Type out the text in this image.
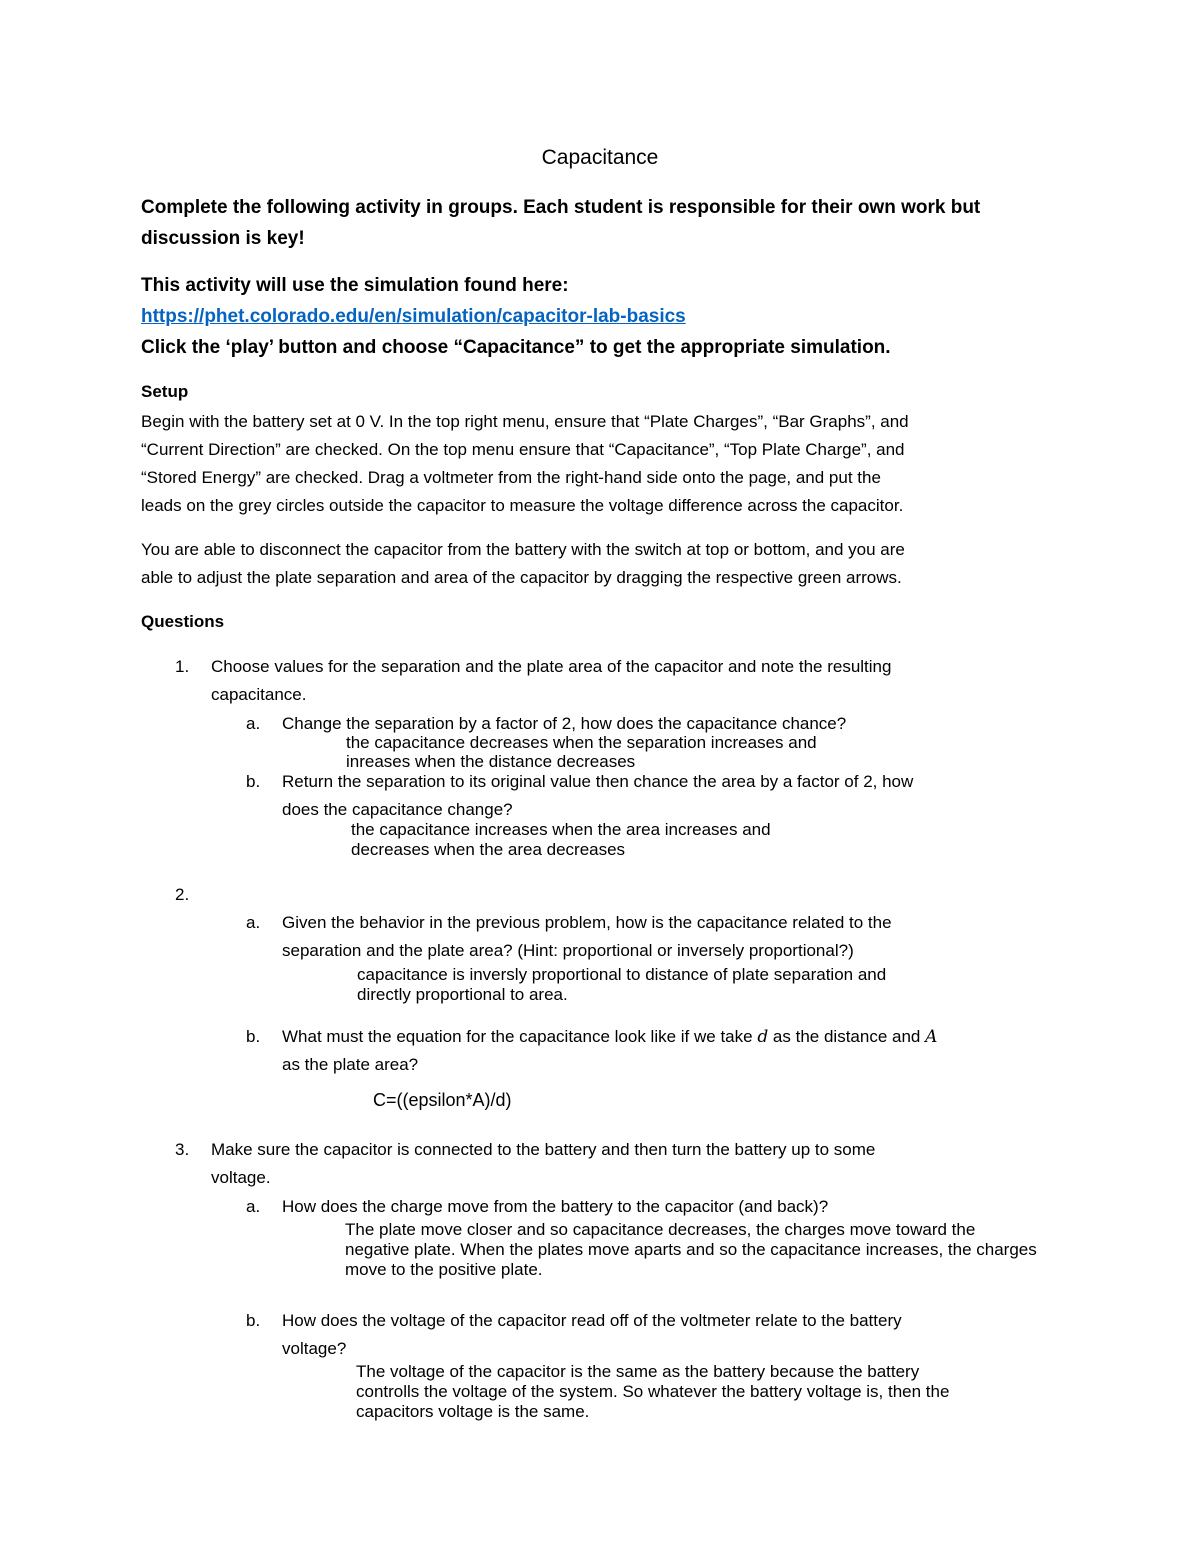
Capacitance
Complete the following activity in groups. Each student is responsible for their own work but
discussion is key!
This activity will use the simulation found here:
https://phet.colorado.edu/en/simulation/capacitor-lab-basics
Click the ‘play’ button and choose “Capacitance” to get the appropriate simulation.
Setup
Begin with the battery set at 0 V. In the top right menu, ensure that “Plate Charges”, “Bar Graphs”, and
“Current Direction” are checked. On the top menu ensure that “Capacitance”, “Top Plate Charge”, and
“Stored Energy” are checked. Drag a voltmeter from the right-hand side onto the page, and put the
leads on the grey circles outside the capacitor to measure the voltage difference across the capacitor.
You are able to disconnect the capacitor from the battery with the switch at top or bottom, and you are
able to adjust the plate separation and area of the capacitor by dragging the respective green arrows.
Questions
1. Choose values for the separation and the plate area of the capacitor and note the resulting
capacitance.
a. Change the separation by a factor of 2, how does the capacitance chance?
the capacitance decreases when the separation increases and
inreases when the distance decreases
b. Return the separation to its original value then chance the area by a factor of 2, how
does the capacitance change?
the capacitance increases when the area increases and
decreases when the area decreases
2.
a. Given the behavior in the previous problem, how is the capacitance related to the
separation and the plate area? (Hint: proportional or inversely proportional?)
capacitance is inversly proportional to distance of plate separation and
directly proportional to area.
b. What must the equation for the capacitance look like if we take d as the distance and A
as the plate area?
C=((epsilon*A)/d)
3. Make sure the capacitor is connected to the battery and then turn the battery up to some
voltage.
a. How does the charge move from the battery to the capacitor (and back)?
The plate move closer and so capacitance decreases, the charges move toward the
negative plate. When the plates move aparts and so the capacitance increases, the charges
move to the positive plate.
b. How does the voltage of the capacitor read off of the voltmeter relate to the battery
voltage?
The voltage of the capacitor is the same as the battery because the battery
controlls the voltage of the system. So whatever the battery voltage is, then the
capacitors voltage is the same.
